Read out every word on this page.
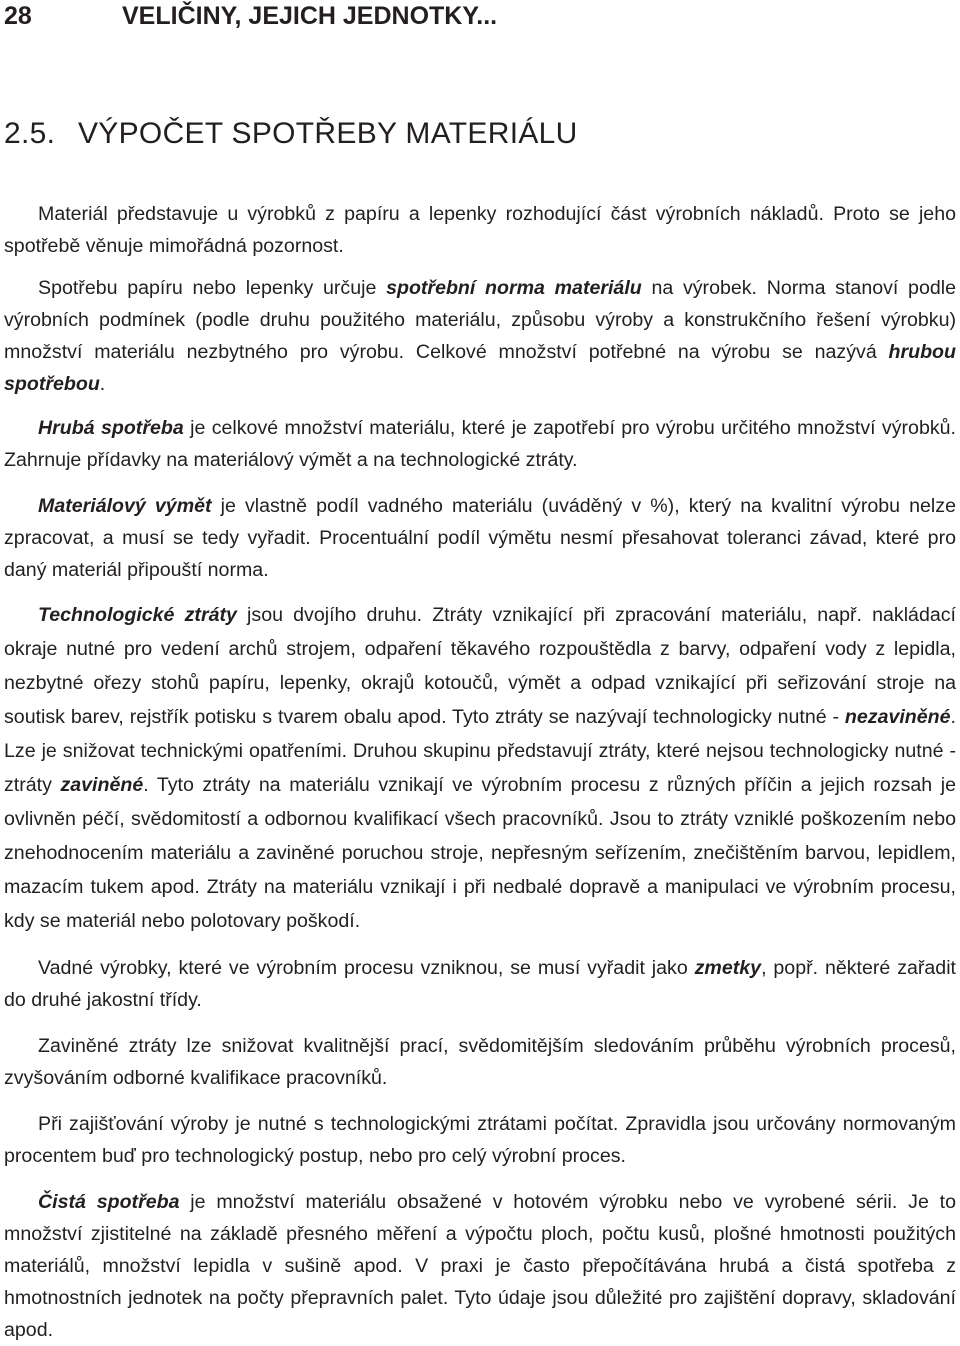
28	VELIČINY, JEJICH JEDNOTKY...
2.5. VÝPOČET SPOTŘEBY MATERIÁLU

Materiál představuje u výrobků z papíru a lepenky rozhodující část výrobních nákladů. Proto se jeho spotřebě věnuje mimořádná pozornost.

Spotřebu papíru nebo lepenky určuje spotřební norma materiálu na výrobek. Norma stanoví podle výrobních podmínek (podle druhu použitého materiálu, způsobu výroby a konstrukčního řešení výrobku) množství materiálu nezbytného pro výrobu. Celkové množství potřebné na výrobu se nazývá hrubou spotřebou.

Hrubá spotřeba je celkové množství materiálu, které je zapotřebí pro výrobu určitého množství výrobků. Zahrnuje přídavky na materiálový výmět a na technologické ztráty.

Materiálový výmět je vlastně podíl vadného materiálu (uváděný v %), který na kvalitní výrobu nelze zpracovat, a musí se tedy vyřadit. Procentuální podíl výmětu nesmí přesahovat toleranci závad, které pro daný materiál připouští norma.

Technologické ztráty jsou dvojího druhu. Ztráty vznikající při zpracování materiálu, např. nakládací okraje nutné pro vedení archů strojem, odpaření těkavého rozpouštědla z barvy, odpaření vody z lepidla, nezbytné ořezy stohů papíru, lepenky, okrajů kotoučů, výmět a odpad vznikající při seřizování stroje na soutisk barev, rejstřík potisku s tvarem obalu apod. Tyto ztráty se nazývají technologicky nutné - nezaviněné. Lze je snižovat technickými opatřeními. Druhou skupinu představují ztráty, které nejsou technologicky nutné - ztráty zaviněné. Tyto ztráty na materiálu vznikají ve výrobním procesu z různých příčin a jejich rozsah je ovlivněn péčí, svědomitostí a odbornou kvalifikací všech pracovníků. Jsou to ztráty vzniklé poškozením nebo znehodnocením materiálu a zaviněné poruchou stroje, nepřesným seřízením, znečištěním barvou, lepidlem, mazacím tukem apod. Ztráty na materiálu vznikají i při nedbalé dopravě a manipulaci ve výrobním procesu, kdy se materiál nebo polotovary poškodí.

Vadné výrobky, které ve výrobním procesu vzniknou, se musí vyřadit jako zmetky, popř. některé zařadit do druhé jakostní třídy.

Zaviněné ztráty lze snižovat kvalitnější prací, svědomitějším sledováním průběhu výrobních procesů, zvyšováním odborné kvalifikace pracovníků.

Při zajišťování výroby je nutné s technologickými ztrátami počítat. Zpravidla jsou určovány normovaným procentem buď pro technologický postup, nebo pro celý výrobní proces.

Čistá spotřeba je množství materiálu obsažené v hotovém výrobku nebo ve vyrobené sérii. Je to množství zjistitelné na základě přesného měření a výpočtu ploch, počtu kusů, plošné hmotnosti použitých materiálů, množství lepidla v sušině apod. V praxi je často přepočítávána hrubá a čistá spotřeba z hmotnostních jednotek na počty přepravních palet. Tyto údaje jsou důležité pro zajištění dopravy, skladování apod.
